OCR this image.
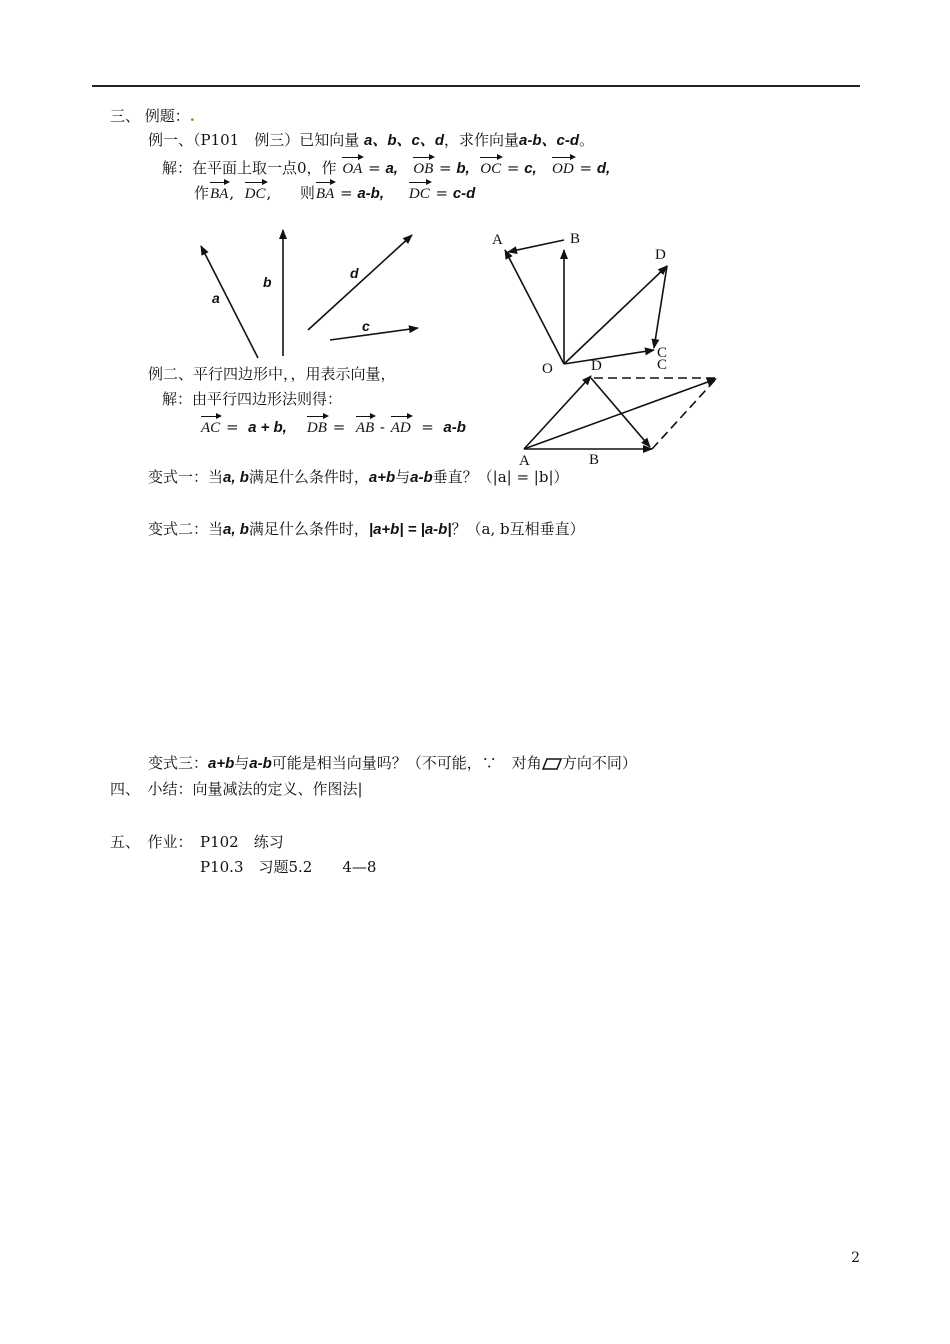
三、 例题：.
例一、（P101　例三）已知向量 a、b、c、d，求作向量a-b、c-d。
解：在平面上取一点0，作 OA = a, OB = b, OC = c, OD = d,
作BA,  DC,      则BA = a-b, DC = c-d
a
b
d
c
A	B
D
C
O
A	B
D	C
例二、平行四边形中，，用表示向量，
解：由平行四边形法则得：
AC =  a + b, DB =  AB - AD  =  a-b
变式一：当a, b满足什么条件时，a+b与a-b垂直？（|a| = |b|）
变式二：当a, b满足什么条件时，|a+b| = |a-b|？（a, b互相垂直）
变式三：a+b与a-b可能是相当向量吗？（不可能，∵　对角 方向不同）
四、　小结：向量减法的定义、作图法|
五、　作业：　P102　练习
P10.3　习题5.2　　4—8
2
